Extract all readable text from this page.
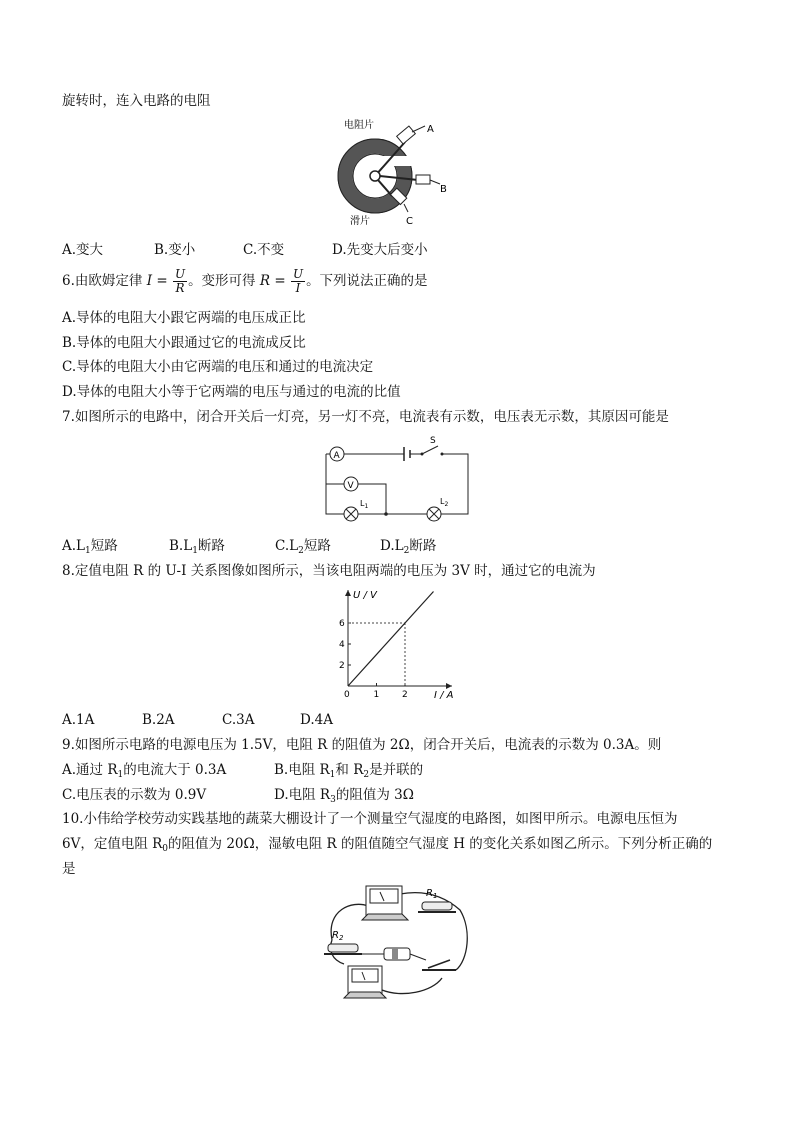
旋转时，连入电路的电阻
电阻片	A
B
C
滑片
A.变大	B.变小	C.不变	D.先变大后变小
6.由欧姆定律 $I = \frac{U}{R}$ 。变形可得 $R = \frac{U}{I}$ 。下列说法正确的是
A.导体的电阻大小跟它两端的电压成正比
B.导体的电阻大小跟通过它的电流成反比
C.导体的电阻大小由它两端的电压和通过的电流决定
D.导体的电阻大小等于它两端的电压与通过的电流的比值
7.如图所示的电路中，闭合开关后一灯亮，另一灯不亮，电流表有示数，电压表无示数，其原因可能是
A
S
V
$L_1$
$L_2$
$A.L_1$短路	$B.L_1$断路	$C.L_2$短路	$D.L_2$断路
8.定值电阻 R 的 U-I 关系图像如图所示，当该电阻两端的电压为 3V 时，通过它的电流为
U / V
I / A
0	1	2
2
4
6
A.1A	B.2A	C.3A	D.4A
9.如图所示电路的电源电压为 1.5V，电阻 R 的阻值为 2Ω，闭合开关后，电流表的示数为 0.3A。则
A.通过 $R_1$的电流大于 0.3A	B.电阻 $R_1$和 $R_2$是并联的
C.电压表的示数为 0.9V	D.电阻 $R_3$的阻值为 3Ω
10.小伟给学校劳动实践基地的蔬菜大棚设计了一个测量空气湿度的电路图，如图甲所示。电源电压恒为
6V，定值电阻 $R_0$的阻值为 20Ω，湿敏电阻 R 的阻值随空气湿度 H 的变化关系如图乙所示。下列分析正确的
是
$R_1$
$R_2$
